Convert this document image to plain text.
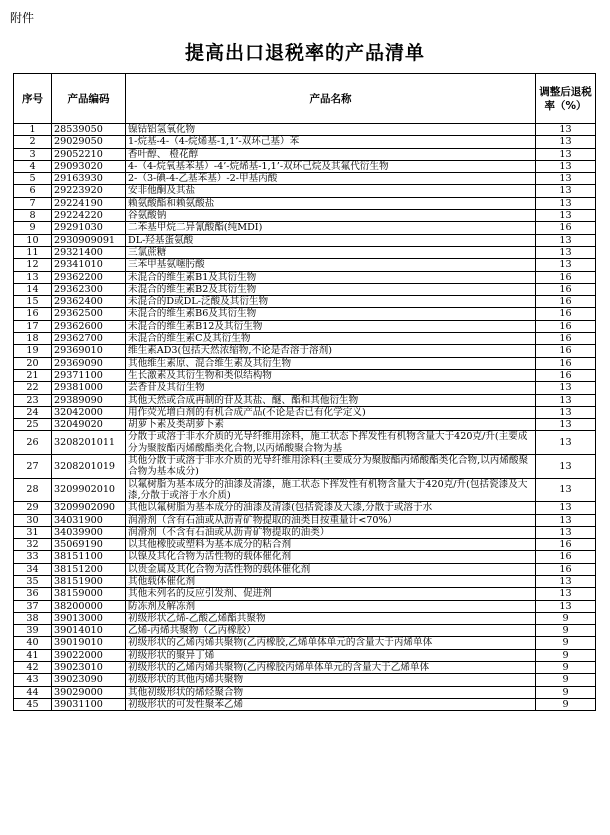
附件
提高出口退税率的产品清单
序号	产品编码	产品名称	调整后退税率（%）
1	28539050	镍钴铝氢氧化物	13
2	29029050	1-烷基-4-（4-烷烯基-1,1’-双环己基）苯	13
3	29052210	香叶醇、 橙花醇	13
4	29093020	4-（4-烷氧基苯基）-4’-烷烯基-1,1’-双环己烷及其氟代衍生物	13
5	29163930	2-（3-碘-4-乙基苯基）-2-甲基丙酸	13
6	29223920	安非他酮及其盐	13
7	29224190	赖氨酸酯和赖氨酸盐	13
8	29224220	谷氨酸钠	13
9	29291030	二苯基甲烷二异氰酸酯(纯MDI)	16
10	2930909091	DL-羟基蛋氨酸	13
11	29321400	三氯蔗糖	13
12	29341010	三苯甲基氨噻肟酸	13
13	29362200	未混合的维生素B1及其衍生物	16
14	29362300	未混合的维生素B2及其衍生物	16
15	29362400	未混合的D或DL-泛酸及其衍生物	16
16	29362500	未混合的维生素B6及其衍生物	16
17	29362600	未混合的维生素B12及其衍生物	16
18	29362700	未混合的维生素C及其衍生物	16
19	29369010	维生素AD3(包括天然浓缩物,不论是否溶于溶剂)	16
20	29369090	其他维生素原、混合维生素及其衍生物	16
21	29371100	生长激素及其衍生物和类似结构物	16
22	29381000	芸香苷及其衍生物	13
23	29389090	其他天然或合成再制的苷及其盐、醚、酯和其他衍生物	13
24	32042000	用作荧光增白剂的有机合成产品(不论是否已有化学定义)	13
25	32049020	胡萝卜素及类胡萝卜素	13
26	3208201011	分散于或溶于非水介质的光导纤维用涂料，施工状态下挥发性有机物含量大于420克/升(主要成分为聚胺酯丙烯酸酯类化合物,以丙烯酸聚合物为基	13
27	3208201019	其他分散于或溶于非水介质的光导纤维用涂料(主要成分为聚胺酯丙烯酸酯类化合物,以丙烯酸聚合物为基本成分)	13
28	3209902010	以氟树脂为基本成分的油漆及清漆，施工状态下挥发性有机物含量大于420克/升(包括瓷漆及大漆,分散于或溶于水介质)	13
29	3209902090	其他以氟树脂为基本成分的油漆及清漆(包括瓷漆及大漆,分散于或溶于水	13
30	34031900	润滑剂（含有石油或从沥青矿物提取的油类目按重量计<70%）	13
31	34039900	润滑剂（不含有石油或从沥青矿物提取的油类）	13
32	35069190	以其他橡胶或塑料为基本成分的粘合剂	16
33	38151100	以镍及其化合物为活性物的载体催化剂	16
34	38151200	以贵金属及其化合物为活性物的载体催化剂	16
35	38151900	其他载体催化剂	13
36	38159000	其他未列名的反应引发剂、促进剂	13
37	38200000	防冻剂及解冻剂	13
38	39013000	初级形状乙烯-乙酸乙烯酯共聚物	9
39	39014010	乙烯-丙烯共聚物（乙丙橡胶）	9
40	39019010	初级形状的乙烯丙烯共聚物(乙丙橡胶,乙烯单体单元的含量大于丙烯单体	9
41	39022000	初级形状的聚异丁烯	9
42	39023010	初级形状的乙烯丙烯共聚物(乙丙橡胶丙烯单体单元的含量大于乙烯单体	9
43	39023090	初级形状的其他丙烯共聚物	9
44	39029000	其他初级形状的烯烃聚合物	9
45	39031100	初级形状的可发性聚苯乙烯	9
